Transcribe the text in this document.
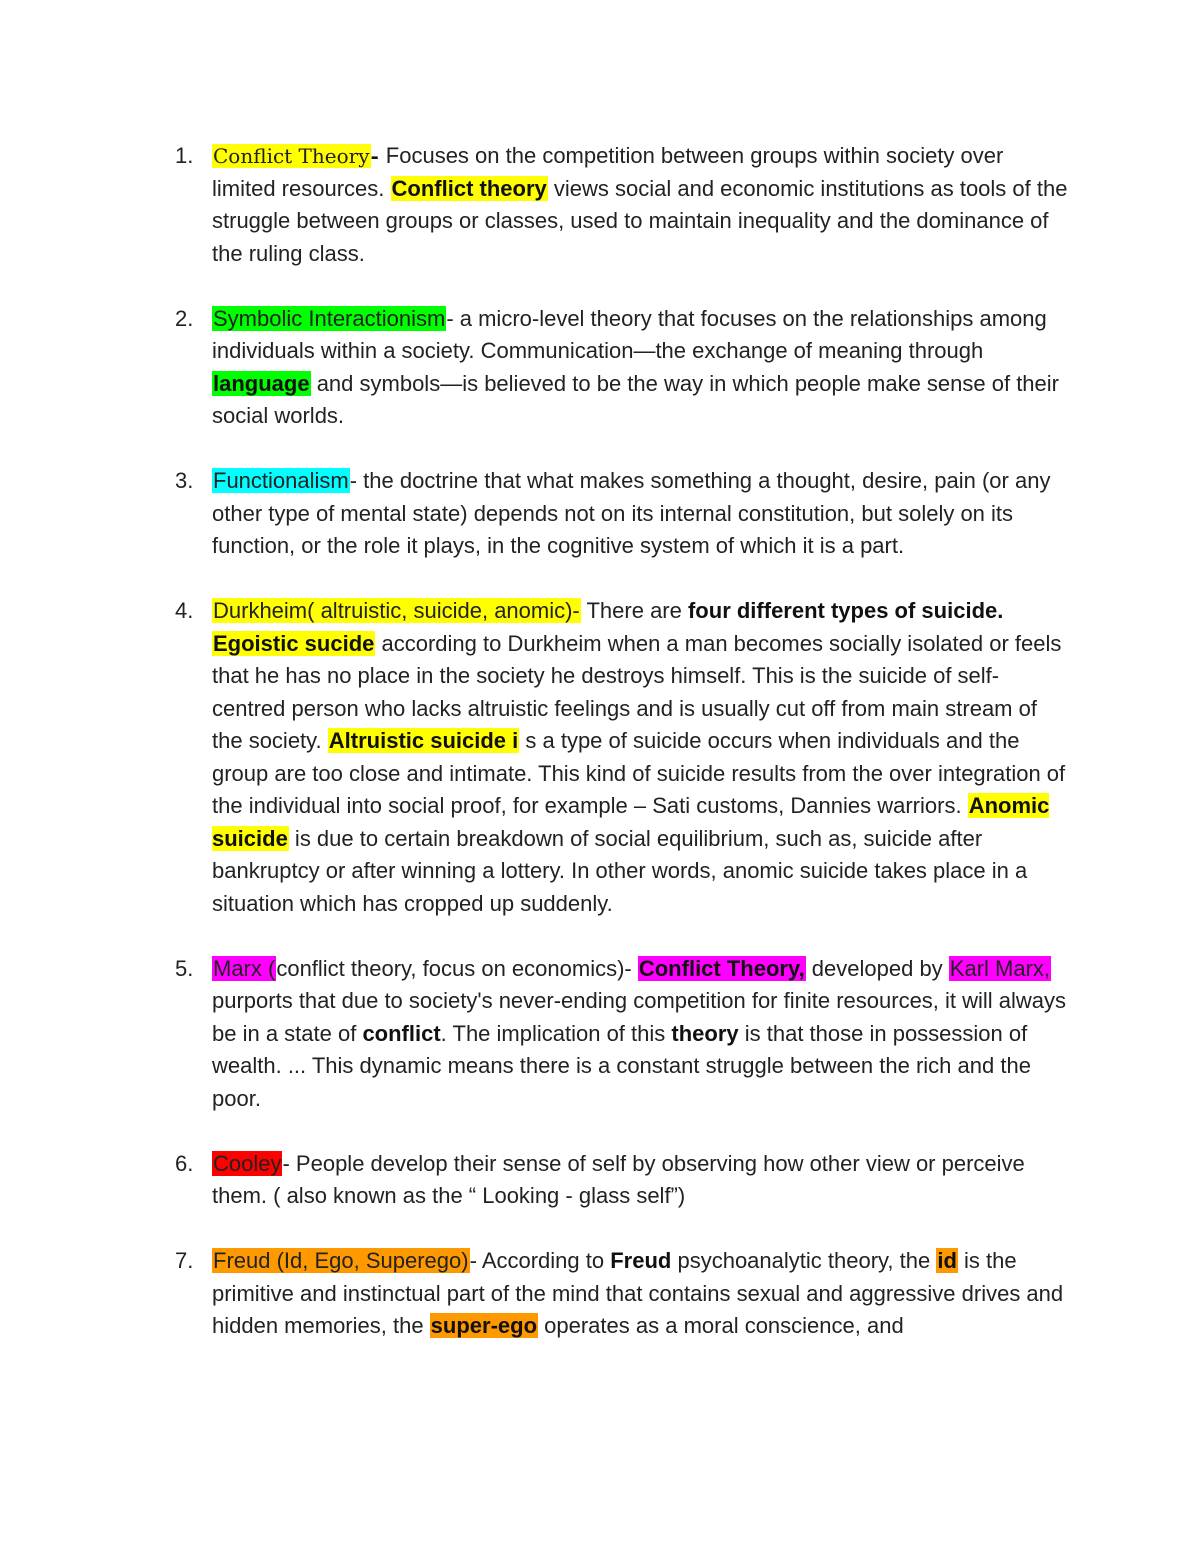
1. Conflict Theory- Focuses on the competition between groups within society over limited resources. Conflict theory views social and economic institutions as tools of the struggle between groups or classes, used to maintain inequality and the dominance of the ruling class.
2. Symbolic Interactionism- a micro-level theory that focuses on the relationships among individuals within a society. Communication—the exchange of meaning through language and symbols—is believed to be the way in which people make sense of their social worlds.
3. Functionalism- the doctrine that what makes something a thought, desire, pain (or any other type of mental state) depends not on its internal constitution, but solely on its function, or the role it plays, in the cognitive system of which it is a part.
4. Durkheim( altruistic, suicide, anomic)- There are four different types of suicide. Egoistic sucide according to Durkheim when a man becomes socially isolated or feels that he has no place in the society he destroys himself. This is the suicide of self-centred person who lacks altruistic feelings and is usually cut off from main stream of the society. Altruistic suicide i s a type of suicide occurs when individuals and the group are too close and intimate. This kind of suicide results from the over integration of the individual into social proof, for example – Sati customs, Dannies warriors. Anomic suicide is due to certain breakdown of social equilibrium, such as, suicide after bankruptcy or after winning a lottery. In other words, anomic suicide takes place in a situation which has cropped up suddenly.
5. Marx (conflict theory, focus on economics)- Conflict Theory, developed by Karl Marx, purports that due to society's never-ending competition for finite resources, it will always be in a state of conflict. The implication of this theory is that those in possession of wealth. ... This dynamic means there is a constant struggle between the rich and the poor.
6. Cooley- People develop their sense of self by observing how other view or perceive them. ( also known as the “ Looking - glass self”)
7. Freud (Id, Ego, Superego)- According to Freud psychoanalytic theory, the id is the primitive and instinctual part of the mind that contains sexual and aggressive drives and hidden memories, the super-ego operates as a moral conscience, and
